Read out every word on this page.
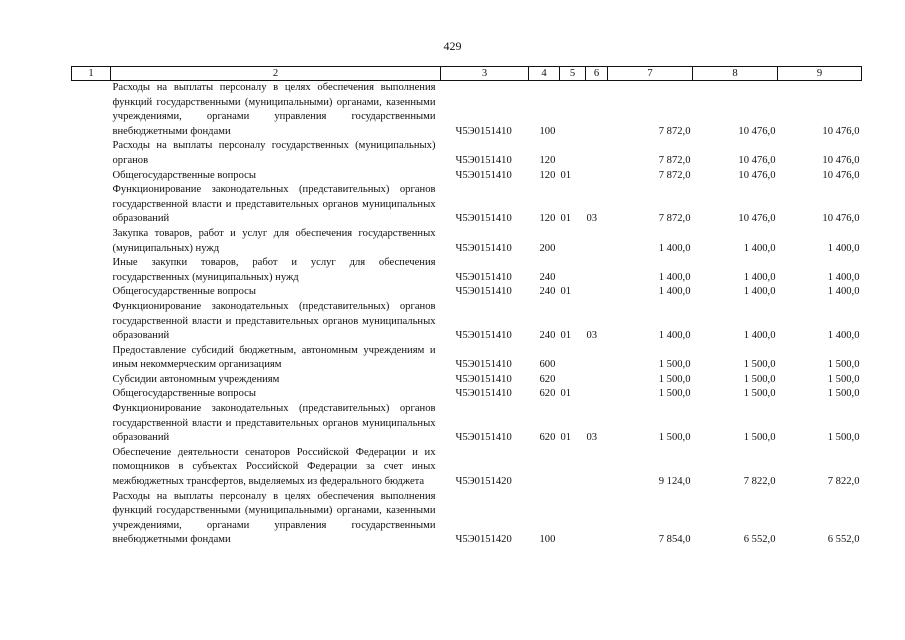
429
1	2	3	4	5	6	7	8	9
	Расходы на выплаты персоналу в целях обеспечения выполнения функций государственными (муниципальными) органами, казенными учреждениями, органами управления государственными внебюджетными фондами	Ч5Э0151410	100			7 872,0	10 476,0	10 476,0
	Расходы на выплаты персоналу государственных (муниципальных) органов	Ч5Э0151410	120			7 872,0	10 476,0	10 476,0
	Общегосударственные вопросы	Ч5Э0151410	120	01		7 872,0	10 476,0	10 476,0
	Функционирование законодательных (представительных) органов государственной власти и представительных органов муниципальных образований	Ч5Э0151410	120	01	03	7 872,0	10 476,0	10 476,0
	Закупка товаров, работ и услуг для обеспечения государственных (муниципальных) нужд	Ч5Э0151410	200			1 400,0	1 400,0	1 400,0
	Иные закупки товаров, работ и услуг для обеспечения государственных (муниципальных) нужд	Ч5Э0151410	240			1 400,0	1 400,0	1 400,0
	Общегосударственные вопросы	Ч5Э0151410	240	01		1 400,0	1 400,0	1 400,0
	Функционирование законодательных (представительных) органов государственной власти и представительных органов муниципальных образований	Ч5Э0151410	240	01	03	1 400,0	1 400,0	1 400,0
	Предоставление субсидий бюджетным, автономным учреждениям и иным некоммерческим организациям	Ч5Э0151410	600			1 500,0	1 500,0	1 500,0
	Субсидии автономным учреждениям	Ч5Э0151410	620			1 500,0	1 500,0	1 500,0
	Общегосударственные вопросы	Ч5Э0151410	620	01		1 500,0	1 500,0	1 500,0
	Функционирование законодательных (представительных) органов государственной власти и представительных органов муниципальных образований	Ч5Э0151410	620	01	03	1 500,0	1 500,0	1 500,0
	Обеспечение деятельности сенаторов Российской Федерации и их помощников в субъектах Российской Федерации за счет иных межбюджетных трансфертов, выделяемых из федерального бюджета	Ч5Э0151420				9 124,0	7 822,0	7 822,0
	Расходы на выплаты персоналу в целях обеспечения выполнения функций государственными (муниципальными) органами, казенными учреждениями, органами управления государственными внебюджетными фондами	Ч5Э0151420	100			7 854,0	6 552,0	6 552,0
